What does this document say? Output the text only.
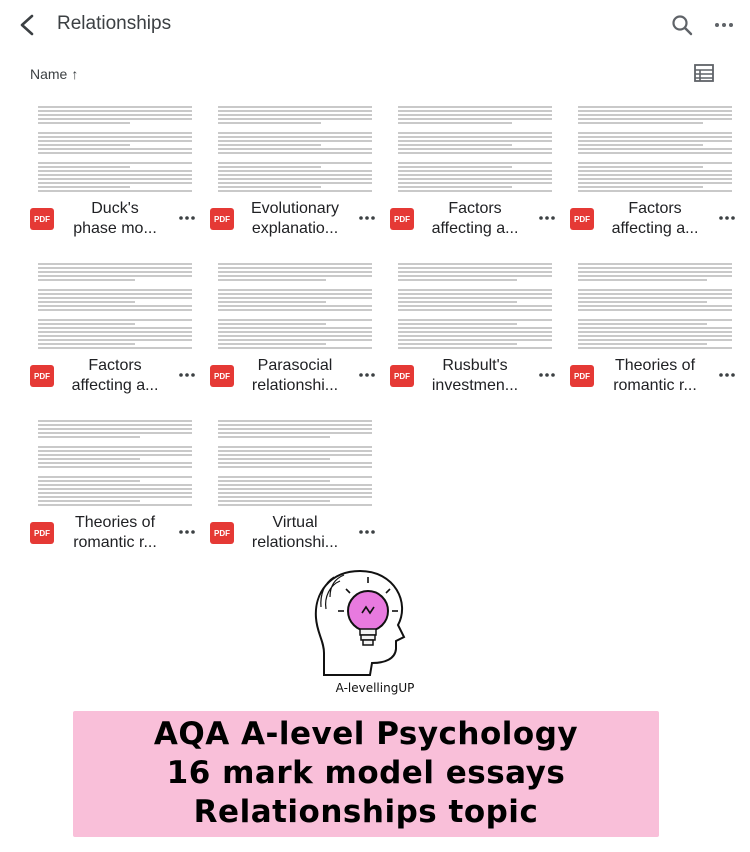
Relationships
Name ↑
PDF
Duck's
phase mo...
PDF
Evolutionary
explanatio...
PDF
Factors
affecting a...
PDF
Factors
affecting a...
PDF
Factors
affecting a...
PDF
Parasocial
relationshi...
PDF
Rusbult's
investmen...
PDF
Theories of
romantic r...
PDF
Theories of
romantic r...
PDF
Virtual
relationshi...
A-levellingUP
AQA A-level Psychology
16 mark model essays
Relationships topic
